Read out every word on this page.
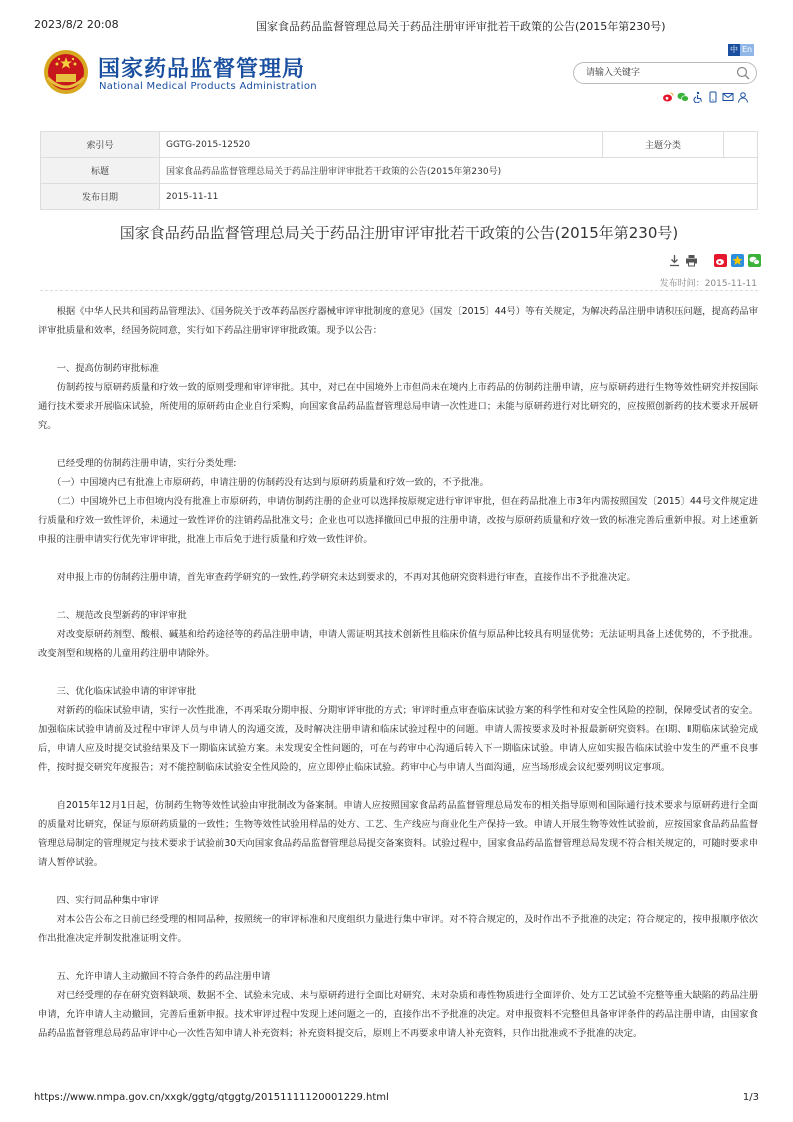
2023/8/2 20:08	国家食品药品监督管理总局关于药品注册审评审批若干政策的公告(2015年第230号)
国家药品监督管理局
National Medical Products Administration
中 En
请输入关键字
索引号	GGTG-2015-12520	主题分类	
标题	国家食品药品监督管理总局关于药品注册审评审批若干政策的公告(2015年第230号)		
发布日期	2015-11-11		
国家食品药品监督管理总局关于药品注册审评审批若干政策的公告(2015年第230号)
发布时间：2015-11-11

根据《中华人民共和国药品管理法》、《国务院关于改革药品医疗器械审评审批制度的意见》（国发〔2015〕44号）等有关规定，为解决药品注册申请积压问题，提高药品审评审批质量和效率，经国务院同意，实行如下药品注册审评审批政策。现予以公告：

一、提高仿制药审批标准

仿制药按与原研药质量和疗效一致的原则受理和审评审批。其中，对已在中国境外上市但尚未在境内上市药品的仿制药注册申请，应与原研药进行生物等效性研究并按国际通行技术要求开展临床试验，所使用的原研药由企业自行采购，向国家食品药品监督管理总局申请一次性进口；未能与原研药进行对比研究的，应按照创新药的技术要求开展研究。

已经受理的仿制药注册申请，实行分类处理:

（一）中国境内已有批准上市原研药，申请注册的仿制药没有达到与原研药质量和疗效一致的，不予批准。

（二）中国境外已上市但境内没有批准上市原研药，申请仿制药注册的企业可以选择按原规定进行审评审批，但在药品批准上市3年内需按照国发〔2015〕44号文件规定进行质量和疗效一致性评价，未通过一致性评价的注销药品批准文号；企业也可以选择撤回已申报的注册申请，改按与原研药质量和疗效一致的标准完善后重新申报。对上述重新申报的注册申请实行优先审评审批，批准上市后免于进行质量和疗效一致性评价。

对申报上市的仿制药注册申请，首先审查药学研究的一致性,药学研究未达到要求的，不再对其他研究资料进行审查，直接作出不予批准决定。

二、规范改良型新药的审评审批

对改变原研药剂型、酸根、碱基和给药途径等的药品注册申请，申请人需证明其技术创新性且临床价值与原品种比较具有明显优势；无法证明具备上述优势的，不予批准。改变剂型和规格的儿童用药注册申请除外。

三、优化临床试验申请的审评审批

对新药的临床试验申请，实行一次性批准，不再采取分期申报、分期审评审批的方式；审评时重点审查临床试验方案的科学性和对安全性风险的控制，保障受试者的安全。加强临床试验申请前及过程中审评人员与申请人的沟通交流，及时解决注册申请和临床试验过程中的问题。申请人需按要求及时补报最新研究资料。在Ⅰ期、Ⅱ期临床试验完成后，申请人应及时提交试验结果及下一期临床试验方案。未发现安全性问题的，可在与药审中心沟通后转入下一期临床试验。申请人应如实报告临床试验中发生的严重不良事件，按时提交研究年度报告；对不能控制临床试验安全性风险的，应立即停止临床试验。药审中心与申请人当面沟通，应当场形成会议纪要列明议定事项。

自2015年12月1日起，仿制药生物等效性试验由审批制改为备案制。申请人应按照国家食品药品监督管理总局发布的相关指导原则和国际通行技术要求与原研药进行全面的质量对比研究，保证与原研药质量的一致性；生物等效性试验用样品的处方、工艺、生产线应与商业化生产保持一致。申请人开展生物等效性试验前，应按国家食品药品监督管理总局制定的管理规定与技术要求于试验前30天向国家食品药品监督管理总局提交备案资料。试验过程中，国家食品药品监督管理总局发现不符合相关规定的，可随时要求申请人暂停试验。

四、实行同品种集中审评

对本公告公布之日前已经受理的相同品种，按照统一的审评标准和尺度组织力量进行集中审评。对不符合规定的，及时作出不予批准的决定；符合规定的，按申报顺序依次作出批准决定并制发批准证明文件。

五、允许申请人主动撤回不符合条件的药品注册申请

对已经受理的存在研究资料缺项、数据不全、试验未完成、未与原研药进行全面比对研究、未对杂质和毒性物质进行全面评价、处方工艺试验不完整等重大缺陷的药品注册申请，允许申请人主动撤回，完善后重新申报。技术审评过程中发现上述问题之一的，直接作出不予批准的决定。对申报资料不完整但具备审评条件的药品注册申请，由国家食品药品监督管理总局药品审评中心一次性告知申请人补充资料；补充资料提交后，原则上不再要求申请人补充资料，只作出批准或不予批准的决定。

https://www.nmpa.gov.cn/xxgk/ggtg/qtggtg/20151111120001229.html	1/3
